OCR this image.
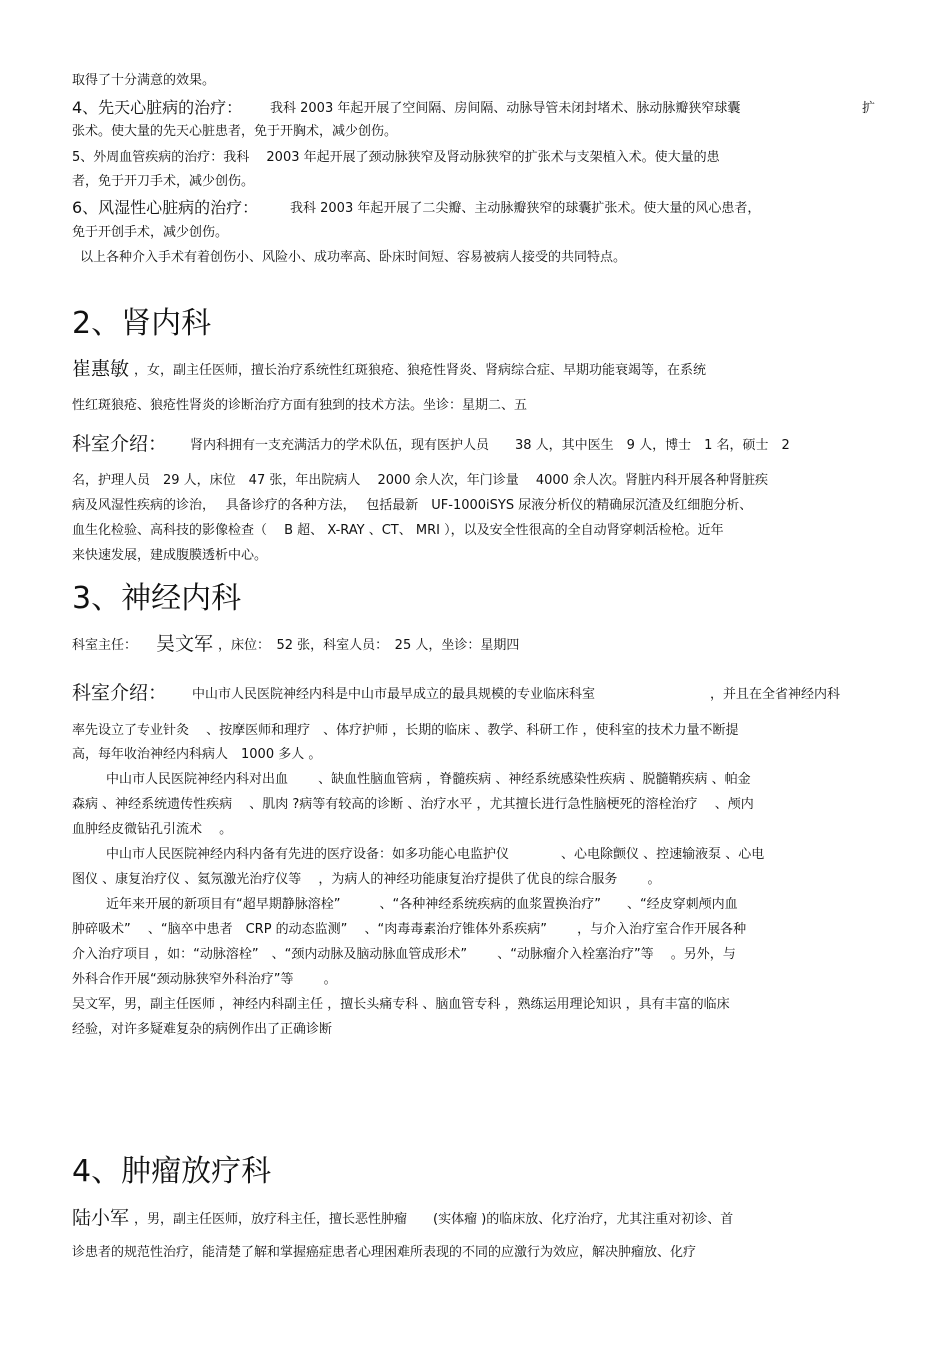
取得了十分满意的效果。
4、先天心脏病的治疗： 我科 2003 年起开展了空间隔、房间隔、动脉导管未闭封堵术、脉动脉瓣狭窄球囊	扩
张术。使大量的先天心脏患者，免于开胸术，减少创伤。
5、外周血管疾病的治疗：我科　 2003 年起开展了颈动脉狭窄及肾动脉狭窄的扩张术与支架植入术。使大量的患
者，免于开刀手术，减少创伤。
6、风湿性心脏病的治疗： 我科 2003 年起开展了二尖瓣、主动脉瓣狭窄的球囊扩张术。使大量的风心患者，
免于开创手术，减少创伤。
以上各种介入手术有着创伤小、风险小、成功率高、卧床时间短、容易被病人接受的共同特点。
2、肾内科
崔惠敏 ，女，副主任医师，擅长治疗系统性红斑狼疮、狼疮性肾炎、肾病综合症、早期功能衰竭等，在系统
性红斑狼疮、狼疮性肾炎的诊断治疗方面有独到的技术方法。坐诊：星期二、五
科室介绍： 肾内科拥有一支充满活力的学术队伍，现有医护人员　　38 人，其中医生　9 人，博士　1 名，硕士　2
名，护理人员　29 人，床位　47 张，年出院病人　 2000 余人次，年门诊量　 4000 余人次。肾脏内科开展各种肾脏疾
病及风湿性疾病的诊治，　 具备诊疗的各种方法，　 包括最新　UF-1000iSYS 尿液分析仪的精确尿沉渣及红细胞分析、
血生化检验、高科技的影像检查（　 B 超、 X-RAY 、CT、 MRI ），以及安全性很高的全自动肾穿刺活检枪。近年
来快速发展，建成腹膜透析中心。
3、神经内科
科室主任： 吴文军 ，床位：　52 张，科室人员：　25 人，坐诊：星期四
科室介绍： 中山市人民医院神经内科是中山市最早成立的最具规模的专业临床科室	，并且在全省神经内科
率先设立了专业针灸　 、按摩医师和理疗　、体疗护师 ，长期的临床 、教学、科研工作 ，使科室的技术力量不断提
高，每年收治神经内科病人　1000 多人 。
中山市人民医院神经内科对出血　　 、缺血性脑血管病 ，脊髓疾病 、神经系统感染性疾病 、脱髓鞘疾病 、帕金
森病 、神经系统遗传性疾病　 、肌肉 ?病等有较高的诊断 、治疗水平 ，尤其擅长进行急性脑梗死的溶栓治疗　 、颅内
血肿经皮微钻孔引流术　 。
中山市人民医院神经内科内备有先进的医疗设备：如多功能心电监护仪　　　　、心电除颤仪 、控速输液泵 、心电
图仪 、康复治疗仪 、氦氖激光治疗仪等　 ，为病人的神经功能康复治疗提供了优良的综合服务　　 。
近年来开展的新项目有“超早期静脉溶栓”　　　、“各种神经系统疾病的血浆置换治疗”　　、“经皮穿刺颅内血
肿碎吸术”　 、“脑卒中患者　CRP 的动态监测”　 、“肉毒毒素治疗锥体外系疾病”　　 ，与介入治疗室合作开展各种
介入治疗项目 ，如：“动脉溶栓”　、“颈内动脉及脑动脉血管成形术”　　 、“动脉瘤介入栓塞治疗”等　 。另外，与
外科合作开展“颈动脉狭窄外科治疗”等　　 。
吴文军，男，副主任医师 ，神经内科副主任 ，擅长头痛专科 、脑血管专科 ，熟练运用理论知识 ，具有丰富的临床
经验，对许多疑难复杂的病例作出了正确诊断
4、肿瘤放疗科
陆小军 ，男，副主任医师，放疗科主任，擅长恶性肿瘤　　(实体瘤 )的临床放、化疗治疗，尤其注重对初诊、首
诊患者的规范性治疗，能清楚了解和掌握癌症患者心理困难所表现的不同的应激行为效应，解决肿瘤放、化疗
